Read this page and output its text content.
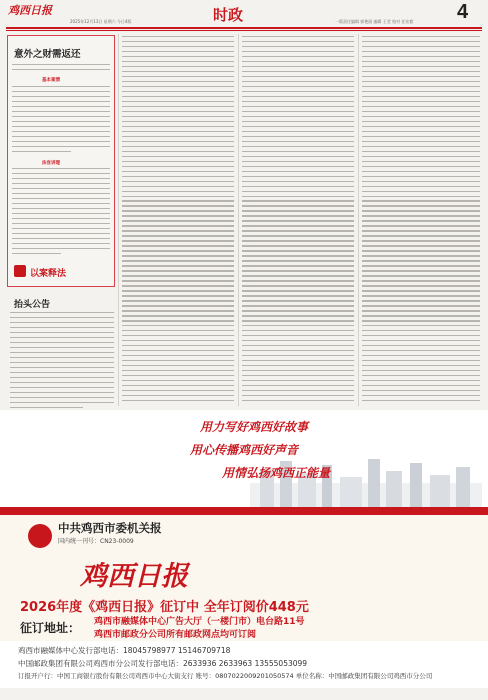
鸡西日报
2025年12月13日 星期六 今日4版	时政	一版责任编辑 郭艳丽 编辑 王莹 校对 任宏毅 4
意外之财需返还
基本案情
法官讲理
以案释法
抬头公告
用力写好鸡西好故事
用心传播鸡西好声音
用情弘扬鸡西正能量
中共鸡西市委机关报
国内统一刊号：CN23-0009
鸡西日报
2026年度《鸡西日报》征订中 全年订阅价448元
征订地址： 鸡西市融媒体中心广告大厅（一楼门市）电台路11号
鸡西市邮政分公司所有邮政网点均可订阅
鸡西市融媒体中心发行部电话：18045798977 15146709718
中国邮政集团有限公司鸡西市分公司发行部电话：2633936 2633963 13555053099
订报开户行：中国工商银行股份有限公司鸡西市中心大街支行 账号：0807022009201050574 单位名称：中国邮政集团有限公司鸡西市分公司
